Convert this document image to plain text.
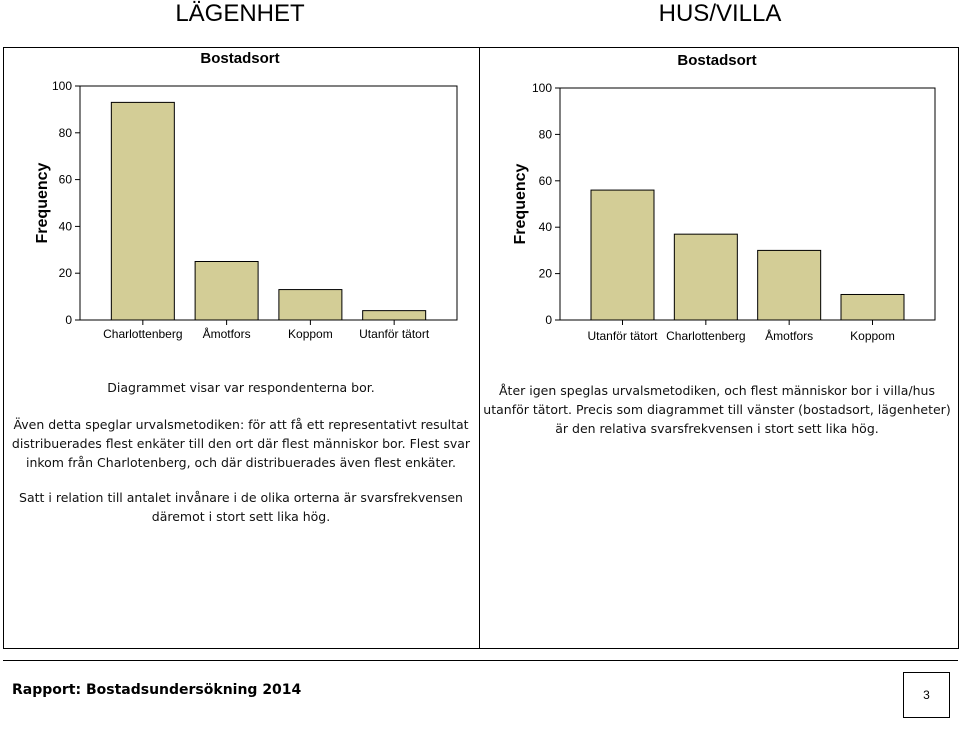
LÄGENHET	HUS/VILLA
Bostadsort
Frequency
0
20
40
60
80
100
Charlottenberg Åmotfors	Koppom Utanför tätort
Bostadsort
Frequency
0
20
40
60
80
100
Utanför tätort Charlottenberg Åmotfors	Koppom

Diagrammet visar var respondenterna bor.

Även detta speglar urvalsmetodiken: för att få ett representativt resultat distribuerades flest enkäter till den ort där flest människor bor. Flest svar inkom från Charlotenberg, och där distribuerades även flest enkäter.

Satt i relation till antalet invånare i de olika orterna är svarsfrekvensen däremot i stort sett lika hög.

Åter igen speglas urvalsmetodiken, och flest människor bor i villa/hus utanför tätort. Precis som diagrammet till vänster (bostadsort, lägenheter) är den relativa svarsfrekvensen i stort sett lika hög.

Rapport: Bostadsundersökning 2014	3
